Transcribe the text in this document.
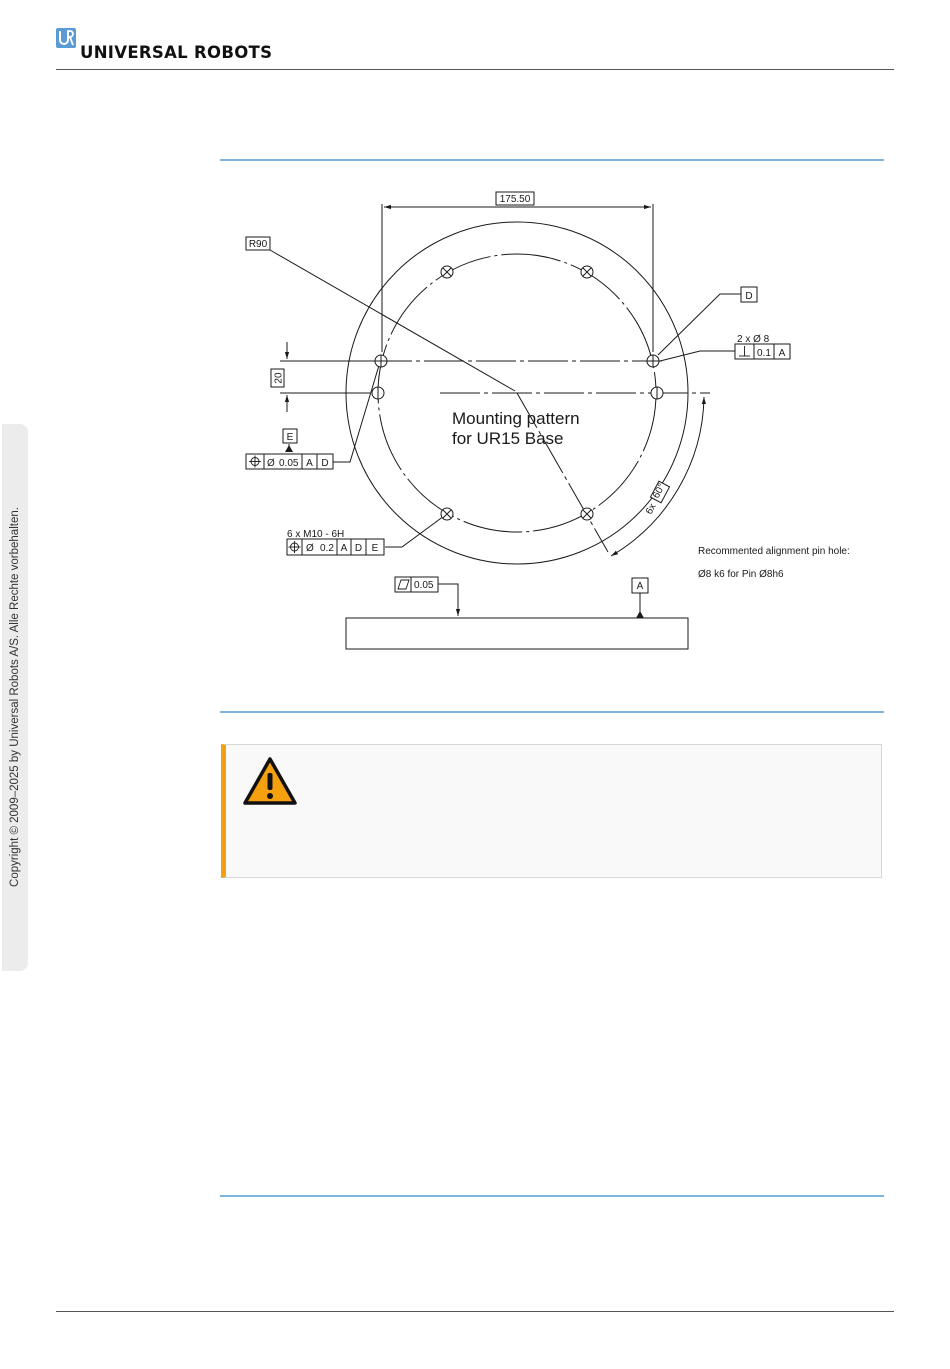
UNIVERSAL ROBOTS
Copyright © 2009–2025 by Universal Robots A/S. Alle Rechte vorbehalten.
175.50
R90
D
2 x Ø 8
0.1 A
20
E
Ø 0.05 A D
6 x M10 - 6H
Ø 0.2 A D E
0.05	A
6x
60°
Recommented alignment pin hole:
Ø8 k6 for Pin Ø8h6
Mounting pattern
for UR15 Base
